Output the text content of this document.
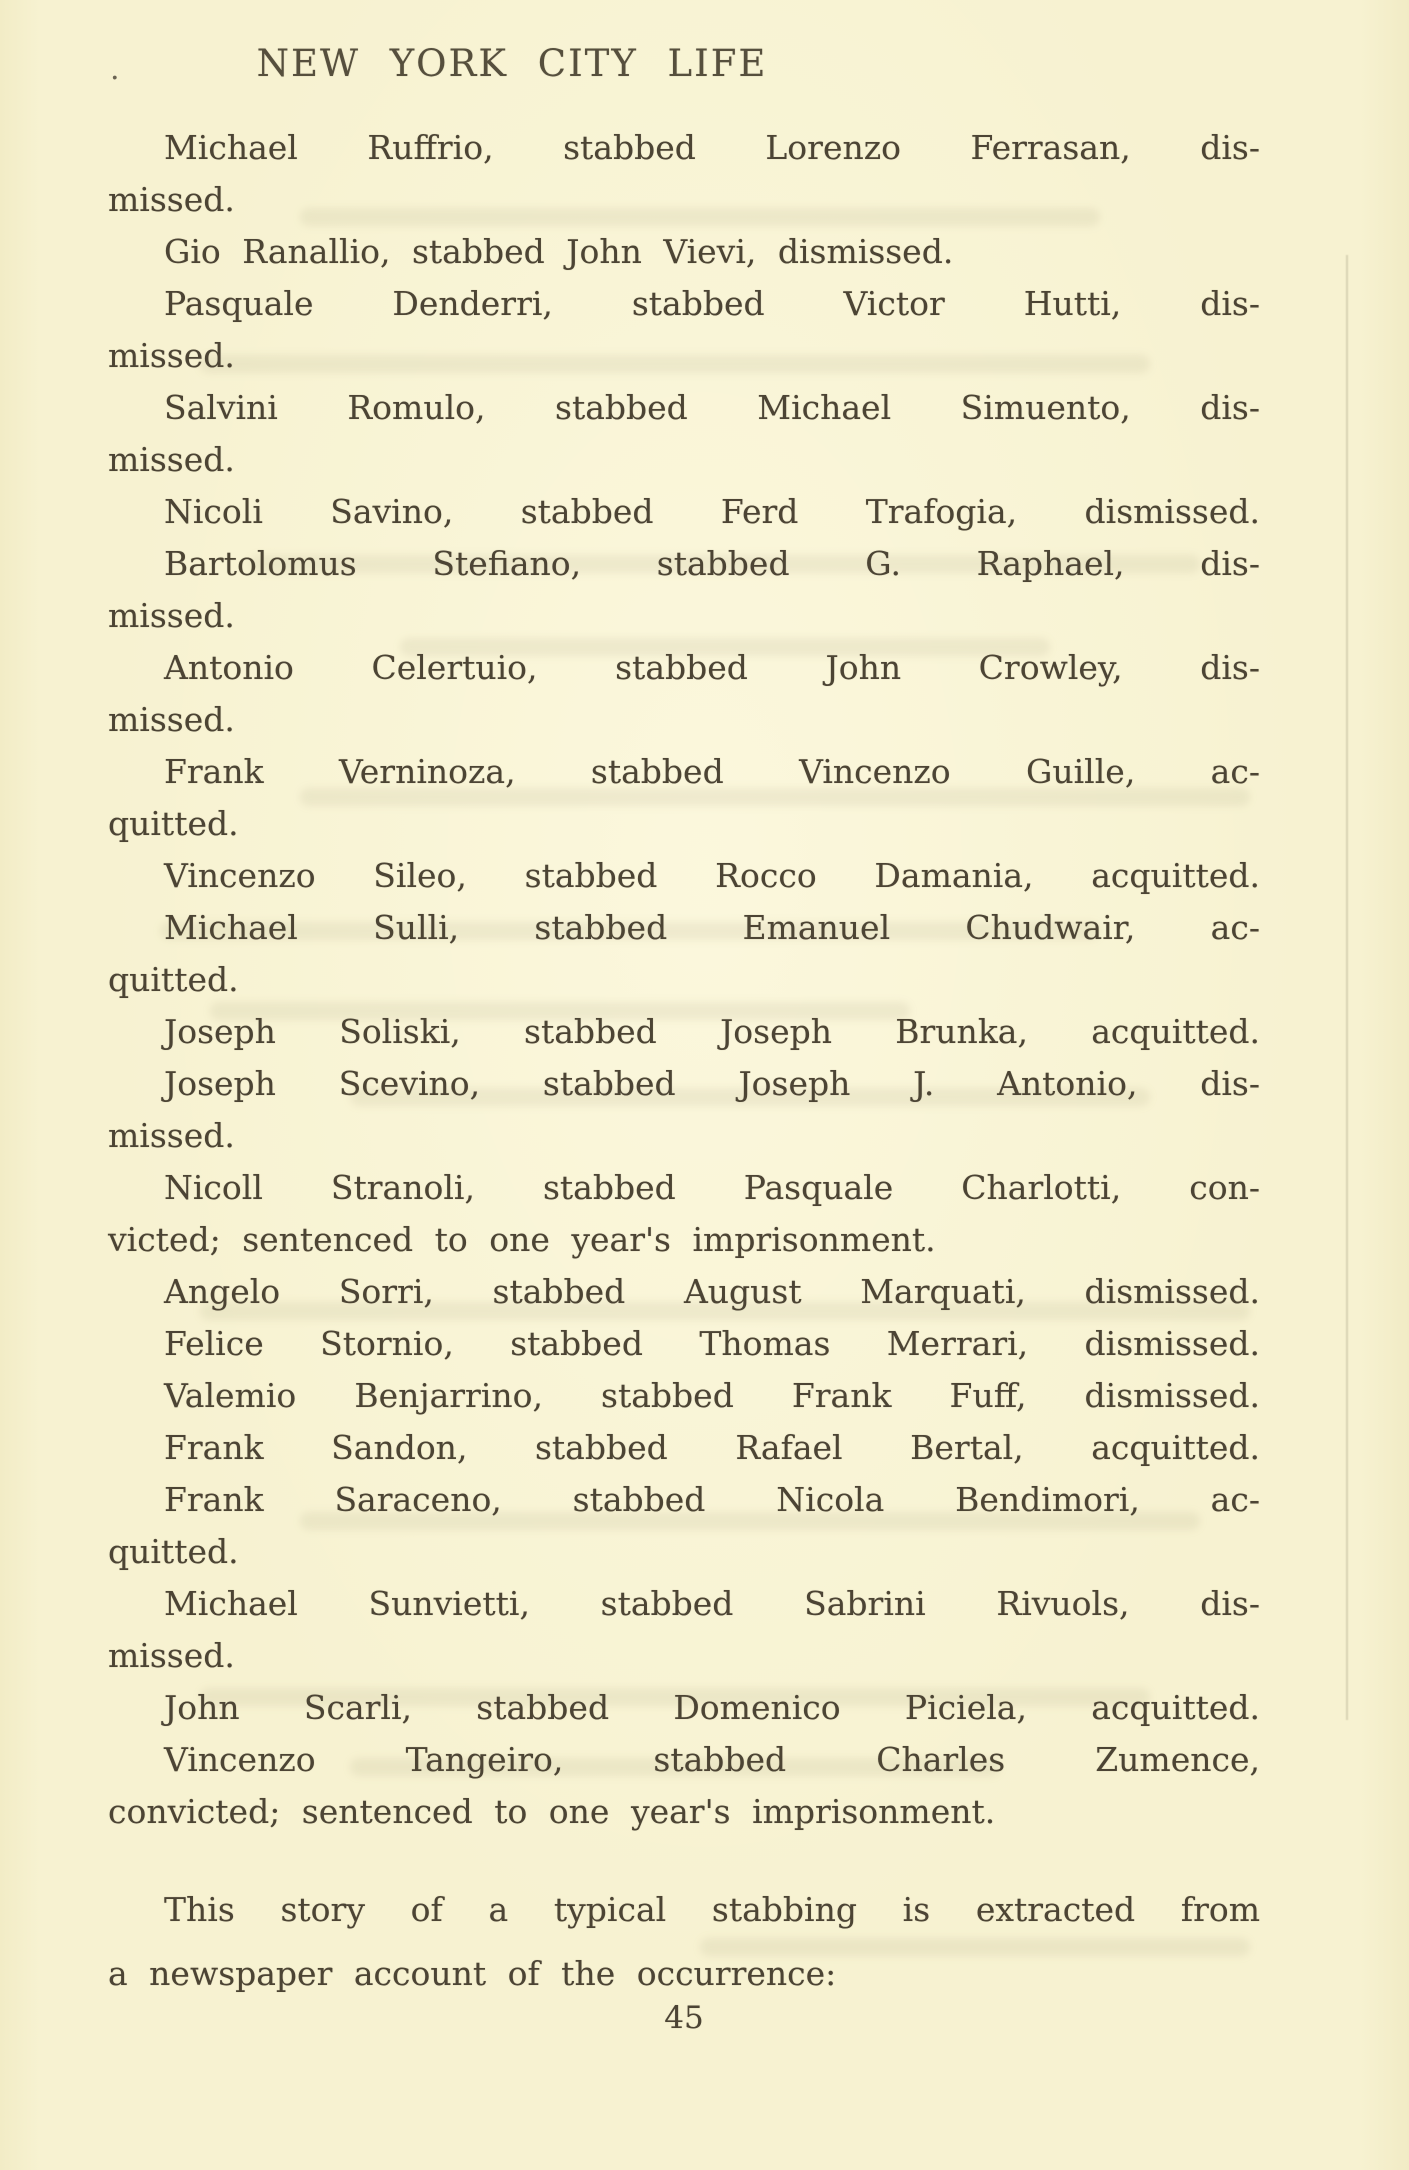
.	NEW YORK CITY LIFE
Michael Ruffrio, stabbed Lorenzo Ferrasan, dis-
missed.
Gio Ranallio, stabbed John Vievi, dismissed.
Pasquale Denderri, stabbed Victor Hutti, dis-
missed.
Salvini Romulo, stabbed Michael Simuento, dis-
missed.
Nicoli Savino, stabbed Ferd Trafogia, dismissed.
Bartolomus Stefiano, stabbed G. Raphael, dis-
missed.
Antonio Celertuio, stabbed John Crowley, dis-
missed.
Frank Verninoza, stabbed Vincenzo Guille, ac-
quitted.
Vincenzo Sileo, stabbed Rocco Damania, acquitted.
Michael Sulli, stabbed Emanuel Chudwair, ac-
quitted.
Joseph Soliski, stabbed Joseph Brunka, acquitted.
Joseph Scevino, stabbed Joseph J. Antonio, dis-
missed.
Nicoll Stranoli, stabbed Pasquale Charlotti, con-
victed; sentenced to one year's imprisonment.
Angelo Sorri, stabbed August Marquati, dismissed.
Felice Stornio, stabbed Thomas Merrari, dismissed.
Valemio Benjarrino, stabbed Frank Fuff, dismissed.
Frank Sandon, stabbed Rafael Bertal, acquitted.
Frank Saraceno, stabbed Nicola Bendimori, ac-
quitted.
Michael Sunvietti, stabbed Sabrini Rivuols, dis-
missed.
John Scarli, stabbed Domenico Piciela, acquitted.
Vincenzo Tangeiro, stabbed Charles Zumence,
convicted; sentenced to one year's imprisonment.
This story of a typical stabbing is extracted from
a newspaper account of the occurrence:
45
